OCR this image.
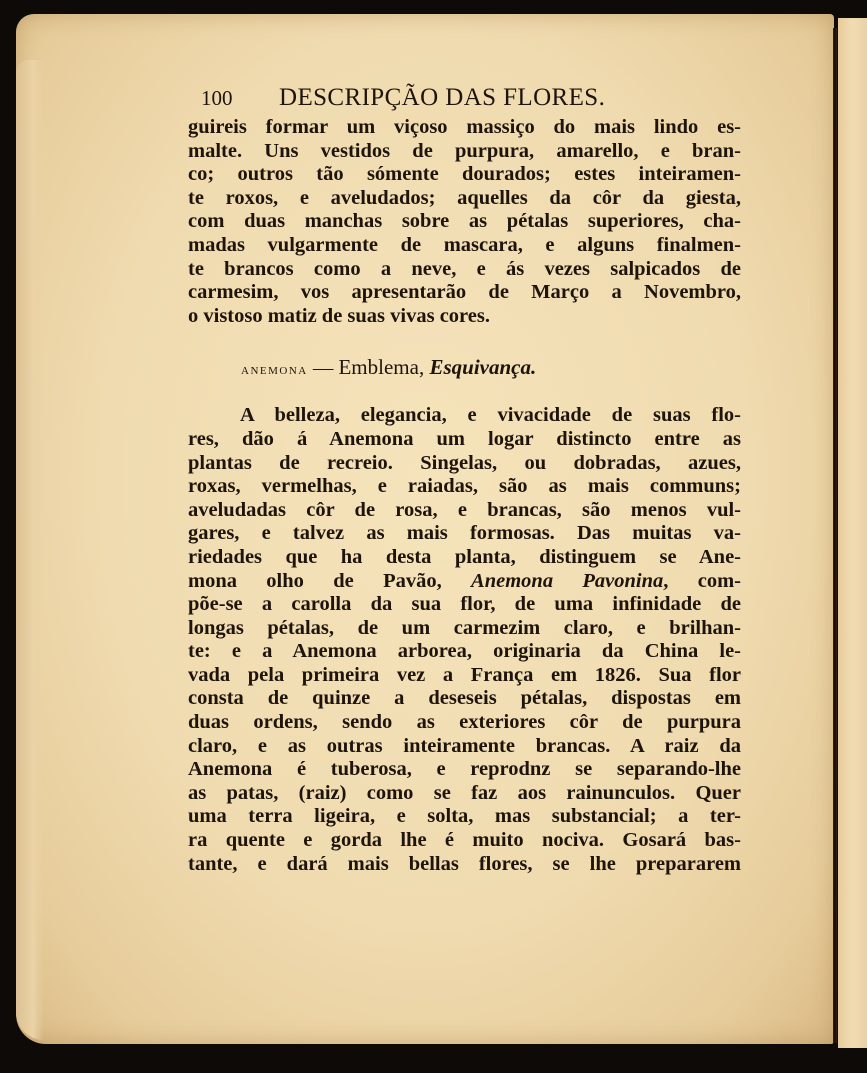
100	DESCRIPÇÃO DAS FLORES.
guireis formar um viçoso massiço do mais lindo es-
malte. Uns vestidos de purpura, amarello, e bran-
co; outros tão sómente dourados; estes inteiramen-
te roxos, e aveludados; aquelles da côr da giesta,
com duas manchas sobre as pétalas superiores, cha-
madas vulgarmente de mascara, e alguns finalmen-
te brancos como a neve, e ás vezes salpicados de
carmesim, vos apresentarão de Março a Novembro,
o vistoso matiz de suas vivas cores.
anemona — Emblema, Esquivança.
A belleza, elegancia, e vivacidade de suas flo-
res, dão á Anemona um logar distincto entre as
plantas de recreio. Singelas, ou dobradas, azues,
roxas, vermelhas, e raiadas, são as mais communs;
aveludadas côr de rosa, e brancas, são menos vul-
gares, e talvez as mais formosas. Das muitas va-
riedades que ha desta planta, distinguem se Ane-
mona olho de Pavão, Anemona Pavonina, com-
põe-se a carolla da sua flor, de uma infinidade de
longas pétalas, de um carmezim claro, e brilhan-
te: e a Anemona arborea, originaria da China le-
vada pela primeira vez a França em 1826. Sua flor
consta de quinze a deseseis pétalas, dispostas em
duas ordens, sendo as exteriores côr de purpura
claro, e as outras inteiramente brancas. A raiz da
Anemona é tuberosa, e reprodnz se separando-lhe
as patas, (raiz) como se faz aos rainunculos. Quer
uma terra ligeira, e solta, mas substancial; a ter-
ra quente e gorda lhe é muito nociva. Gosará bas-
tante, e dará mais bellas flores, se lhe prepararem
